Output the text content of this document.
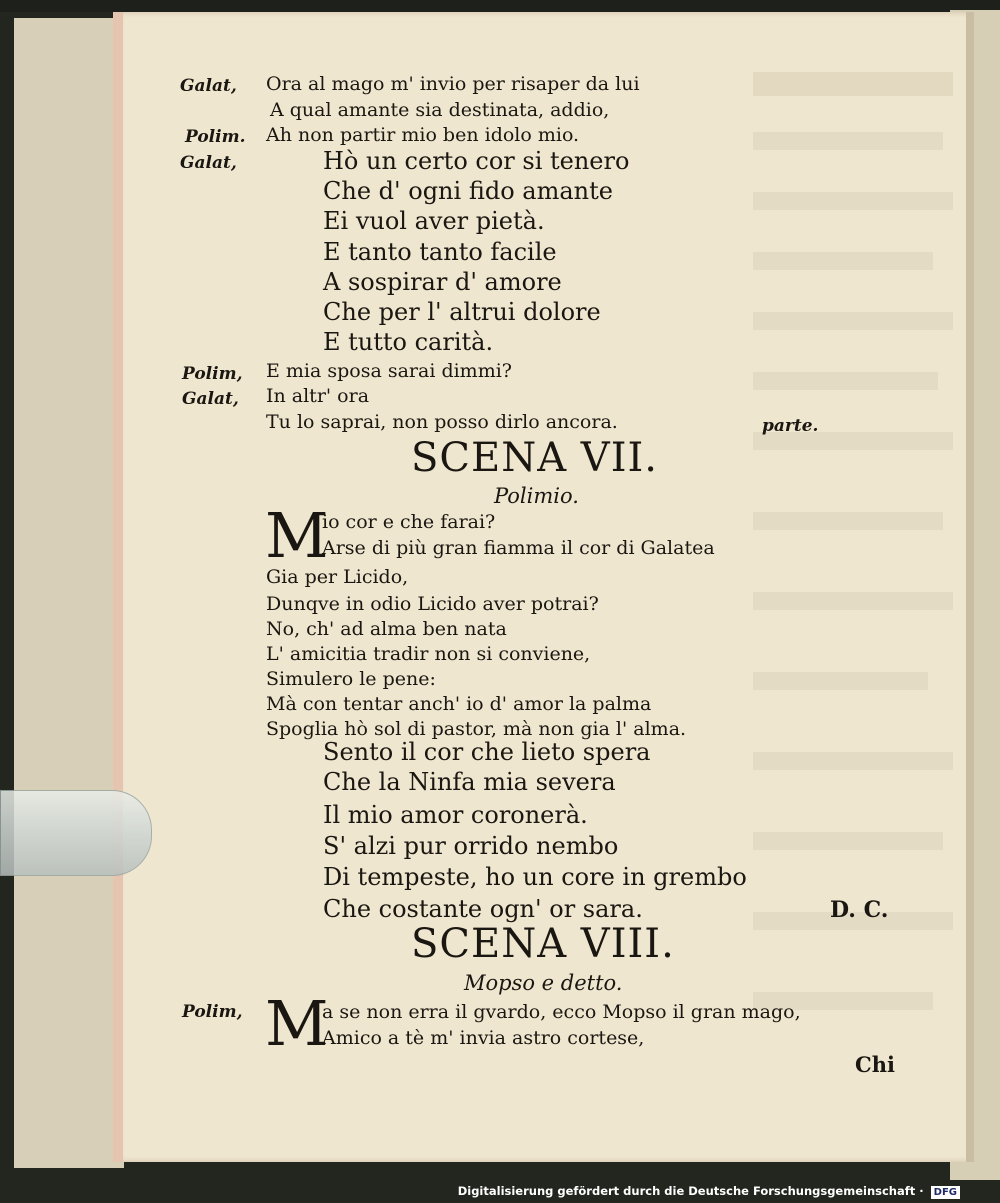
Galat, Ora al mago m' invio per risaper da lui
A qual amante sia destinata, addio,
Polim. Ah non partir mio ben idolo mio.
Galat,	Hò un certo cor si tenero
Che d' ogni fido amante
Ei vuol aver pietà.
E tanto tanto facile
A sospirar d' amore
Che per l' altrui dolore
E tutto carità.
Polim, E mia sposa sarai dimmi?
Galat, In altr' ora
Tu lo saprai, non posso dirlo ancora.	parte.
SCENA VII.
Polimio.
M
io cor e che farai?
Arse di più gran fiamma il cor di Galatea
Gia per Licido,
Dunqve in odio Licido aver potrai?
No, ch' ad alma ben nata
L' amicitia tradir non si conviene,
Simulero le pene:
Mà con tentar anch' io d' amor la palma
Spoglia hò sol di pastor, mà non gia l' alma.
Sento il cor che lieto spera
Che la Ninfa mia severa
Il mio amor coronerà.
S' alzi pur orrido nembo
Di tempeste, ho un core in grembo
Che costante ogn' or sara.	D. C.
SCENA VIII.
Mopso e detto.
Polim, M
a se non erra il gvardo, ecco Mopso il gran mago,
Amico a tè m' invia astro cortese,
Chi
Digitalisierung gefördert durch die Deutsche Forschungsgemeinschaft · DFG
